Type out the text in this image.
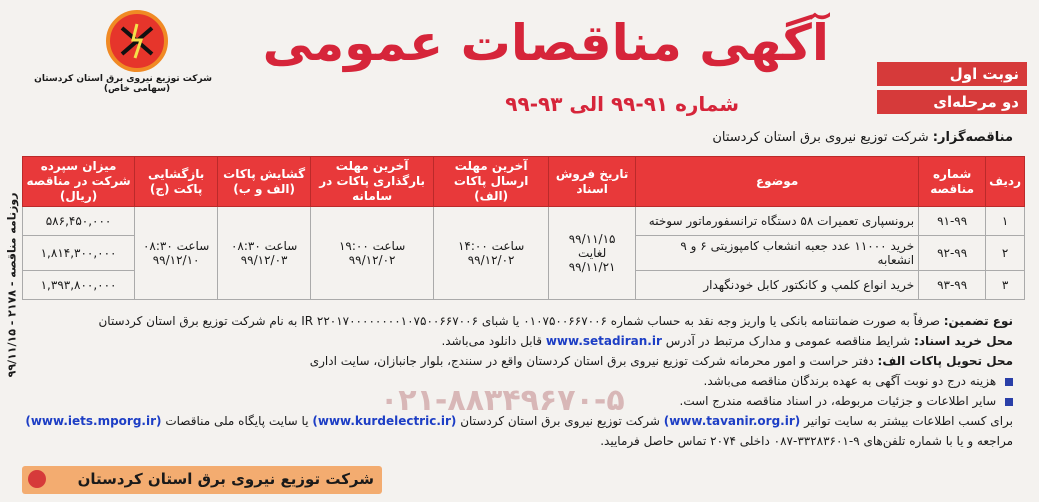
شرکت توزیع نیروی برق استان کردستان
(سهامی خاص)
آگهی مناقصات عمومی
شماره ۹۱-۹۹ الی ۹۳-۹۹
نوبت اول
دو مرحله‌ای
مناقصه‌گزار: شرکت توزیع نیروی برق استان کردستان
روزنامه مناقصه - ۲۱۷۸ - ۹۹/۱۱/۱۵
ردیف	شماره مناقصه	موضوع	تاریخ فروش اسناد	آخرین مهلت ارسال پاکات (الف)	آخرین مهلت بارگذاری پاکات در سامانه	گشایش پاکات (الف و ب)	بازگشایی پاکت (ج)	میزان سپرده شرکت در مناقصه (ریال)
۱	۹۱-۹۹	برونسپاری تعمیرات ۵۸ دستگاه ترانسفورماتور سوخته	۹۹/۱۱/۱۵ لغایت ۹۹/۱۱/۲۱	ساعت ۱۴:۰۰ ۹۹/۱۲/۰۲	ساعت ۱۹:۰۰ ۹۹/۱۲/۰۲	ساعت ۰۸:۳۰ ۹۹/۱۲/۰۳	ساعت ۰۸:۳۰ ۹۹/۱۲/۱۰	۵۸۶,۴۵۰,۰۰۰
۲	۹۲-۹۹	خرید ۱۱۰۰۰ عدد جعبه انشعاب کامپوزیتی ۶ و ۹ انشعابه						۱,۸۱۴,۳۰۰,۰۰۰
۳	۹۳-۹۹	خرید انواع کلمپ و کانکتور کابل خودنگهدار						۱,۳۹۳,۸۰۰,۰۰۰
۰۲۱-۸۸۳۴۹۶۷۰-۵

نوع تضمین: صرفاً به صورت ضمانتنامه بانکی یا واریز وجه نقد به حساب شماره ۰۱۰۷۵۰۰۶۶۷۰۰۶ یا شبای IR ۲۲۰۱۷۰۰۰۰۰۰۰۰۱۰۷۵۰۰۶۶۷۰۰۶ به نام شرکت توزیع برق استان کردستان

محل خرید اسناد: شرایط مناقصه عمومی و مدارک مرتبط در آدرس www.setadiran.ir قابل دانلود می‌باشد.

محل تحویل پاکات الف: دفتر حراست و امور محرمانه شرکت توزیع نیروی برق استان کردستان واقع در سنندج، بلوار جانبازان، سایت اداری

هزینه درج دو نوبت آگهی به عهده برندگان مناقصه می‌باشد.

سایر اطلاعات و جزئیات مربوطه، در اسناد مناقصه مندرج است.

برای کسب اطلاعات بیشتر به سایت توانیر (www.tavanir.org.ir) شرکت توزیع نیروی برق استان کردستان (www.kurdelectric.ir) یا سایت پایگاه ملی مناقصات (www.iets.mporg.ir)

مراجعه و یا با شماره تلفن‌های ۹-۳۳۲۸۳۶۰۱-۰۸۷ داخلی ۲۰۷۴ تماس حاصل فرمایید.

شرکت توزیع نیروی برق استان کردستان
